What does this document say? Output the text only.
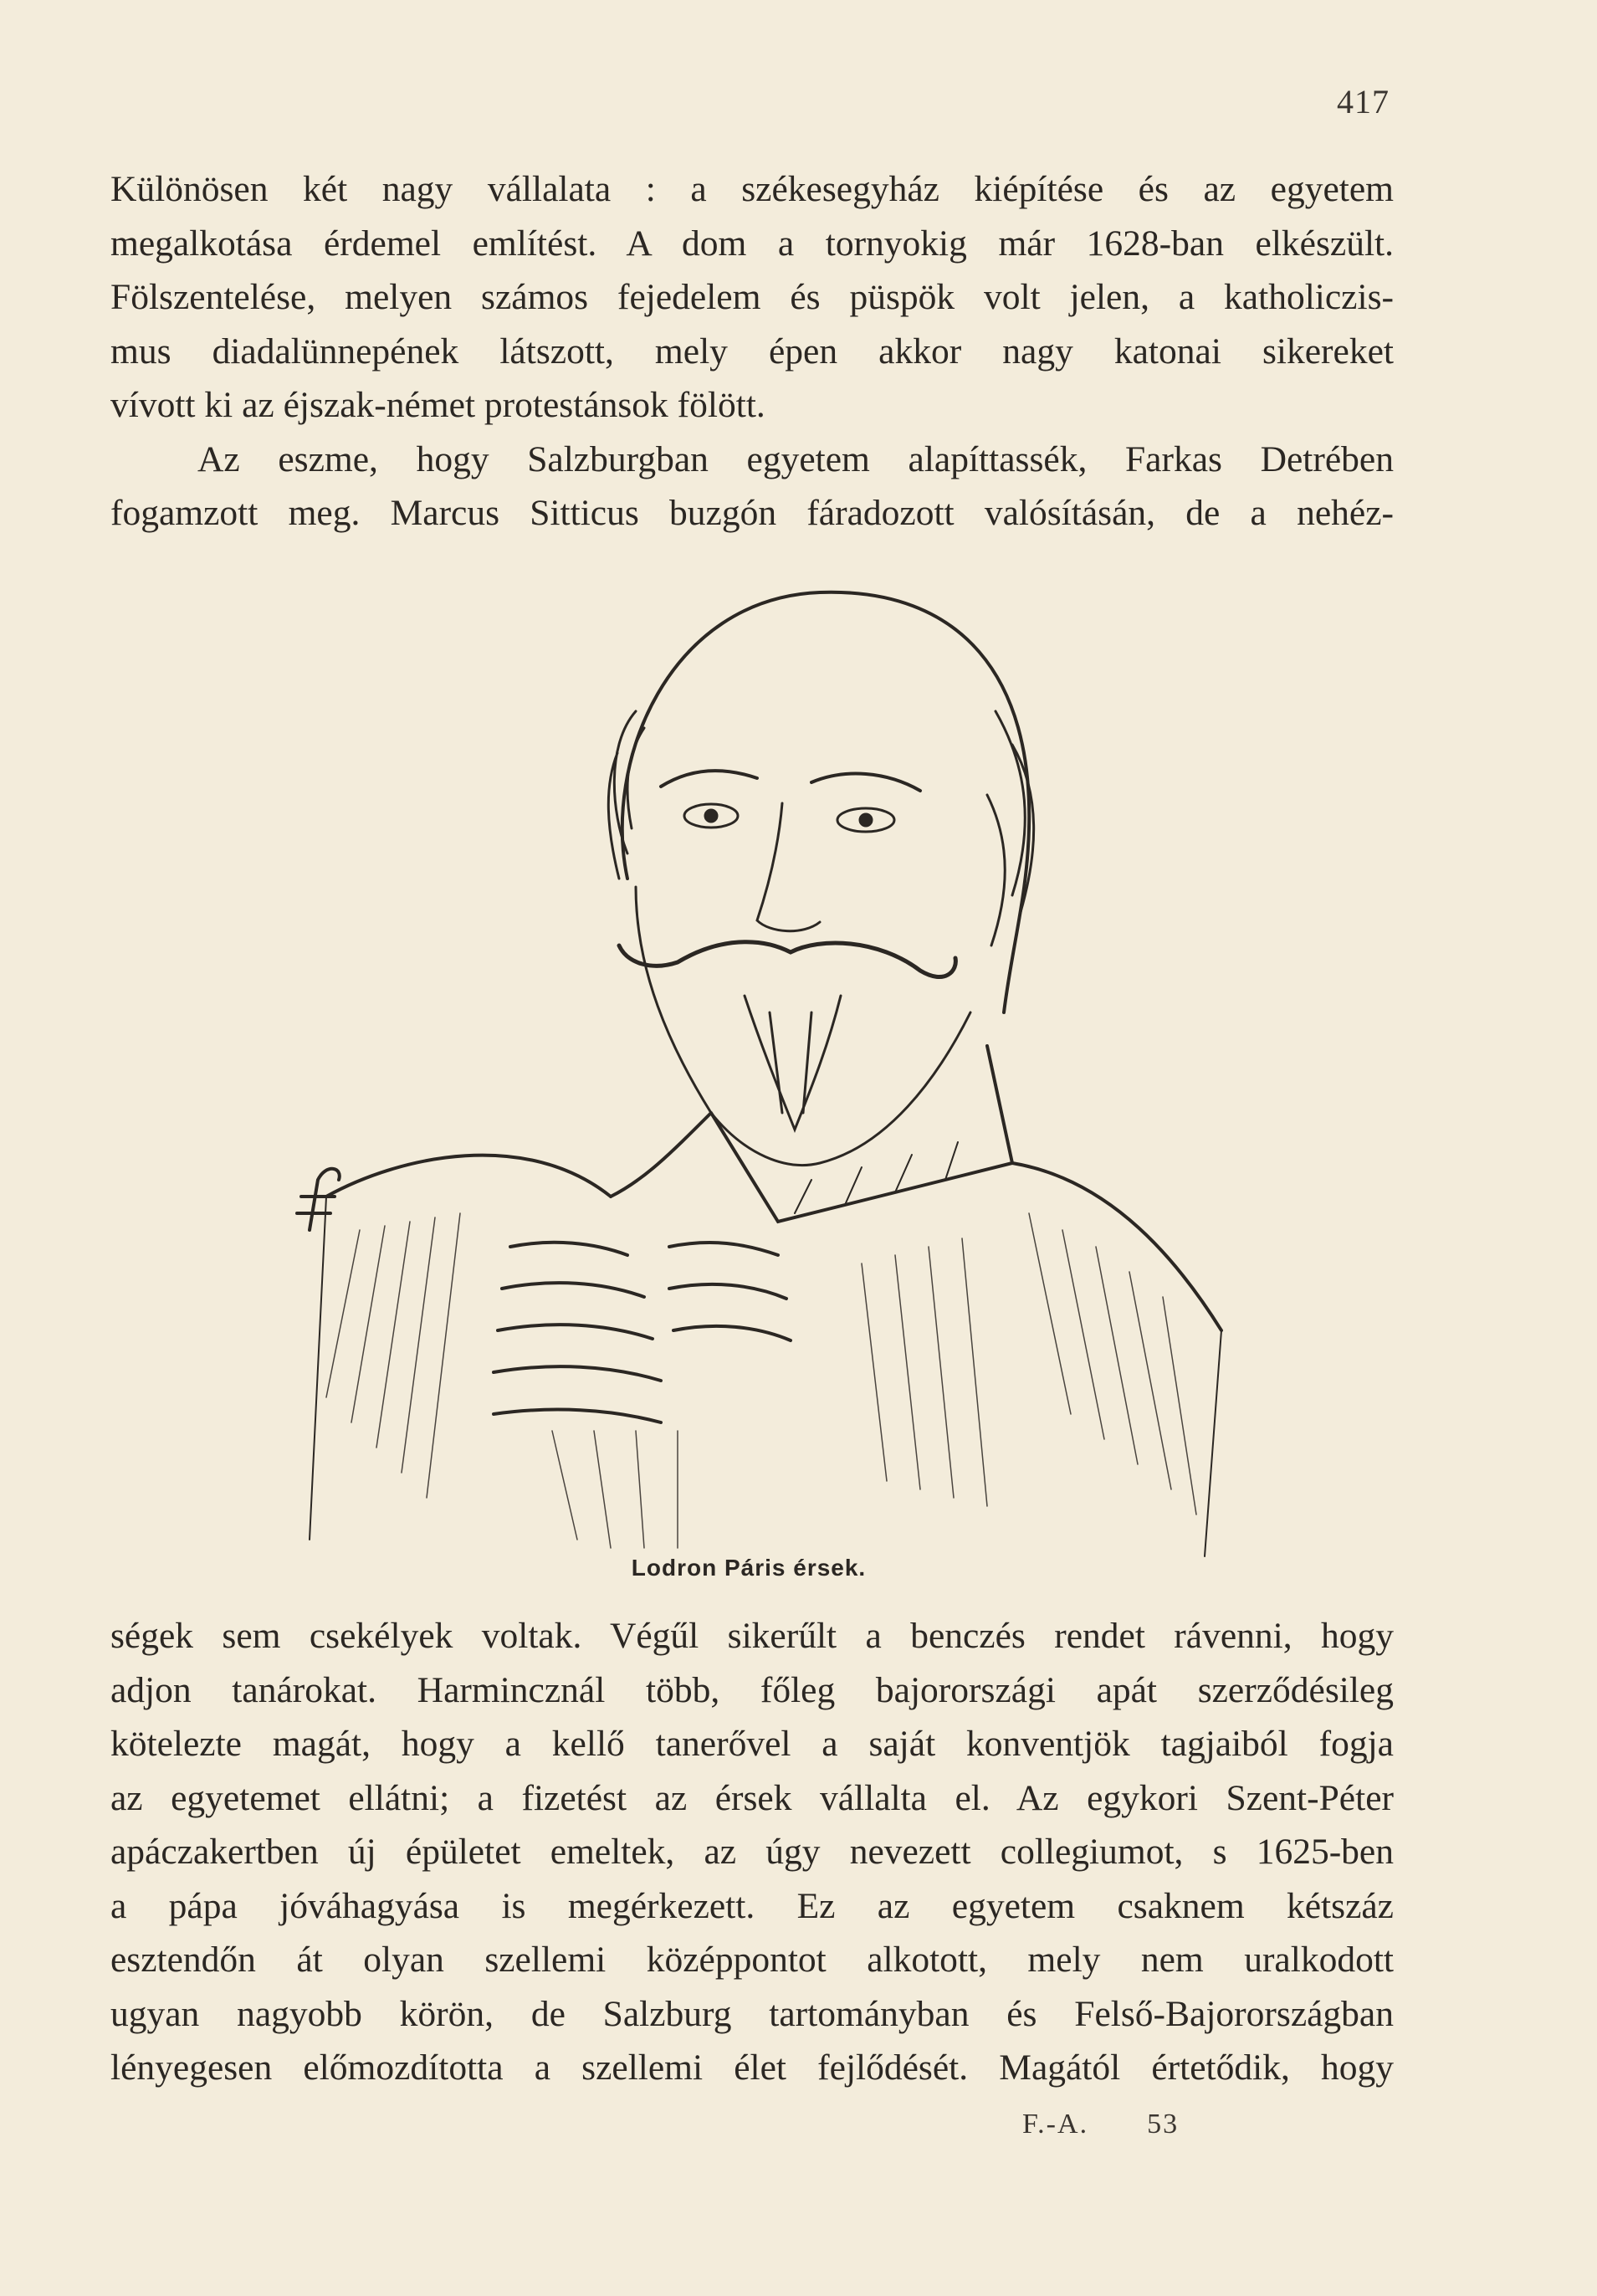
417

Különösen két nagy vállalata : a székesegyház kiépítése és az egyetem
megalkotása érdemel említést. A dom a tornyokig már 1628-ban elkészült.
Fölszentelése, melyen számos fejedelem és püspök volt jelen, a katholiczis-
mus diadalünnepének látszott, mely épen akkor nagy katonai sikereket
vívott ki az éjszak-német protestánsok fölött.

Az eszme, hogy Salzburgban egyetem alapíttassék, Farkas Detrében
fogamzott meg. Marcus Sitticus buzgón fáradozott valósításán, de a nehéz-

Lodron Páris érsek.

ségek sem csekélyek voltak. Végűl sikerűlt a benczés rendet rávenni, hogy
adjon tanárokat. Harmincznál több, főleg bajorországi apát szerződésileg
kötelezte magát, hogy a kellő tanerővel a saját konventjök tagjaiból fogja
az egyetemet ellátni; a fizetést az érsek vállalta el. Az egykori Szent-Péter
apáczakertben új épületet emeltek, az úgy nevezett collegiumot, s 1625-ben
a pápa jóváhagyása is megérkezett. Ez az egyetem csaknem kétszáz
esztendőn át olyan szellemi középpontot alkotott, mely nem uralkodott
ugyan nagyobb körön, de Salzburg tartományban és Felső-Bajorországban
lényegesen előmozdította a szellemi élet fejlődését. Magától értetődik, hogy

F.-A. 53
